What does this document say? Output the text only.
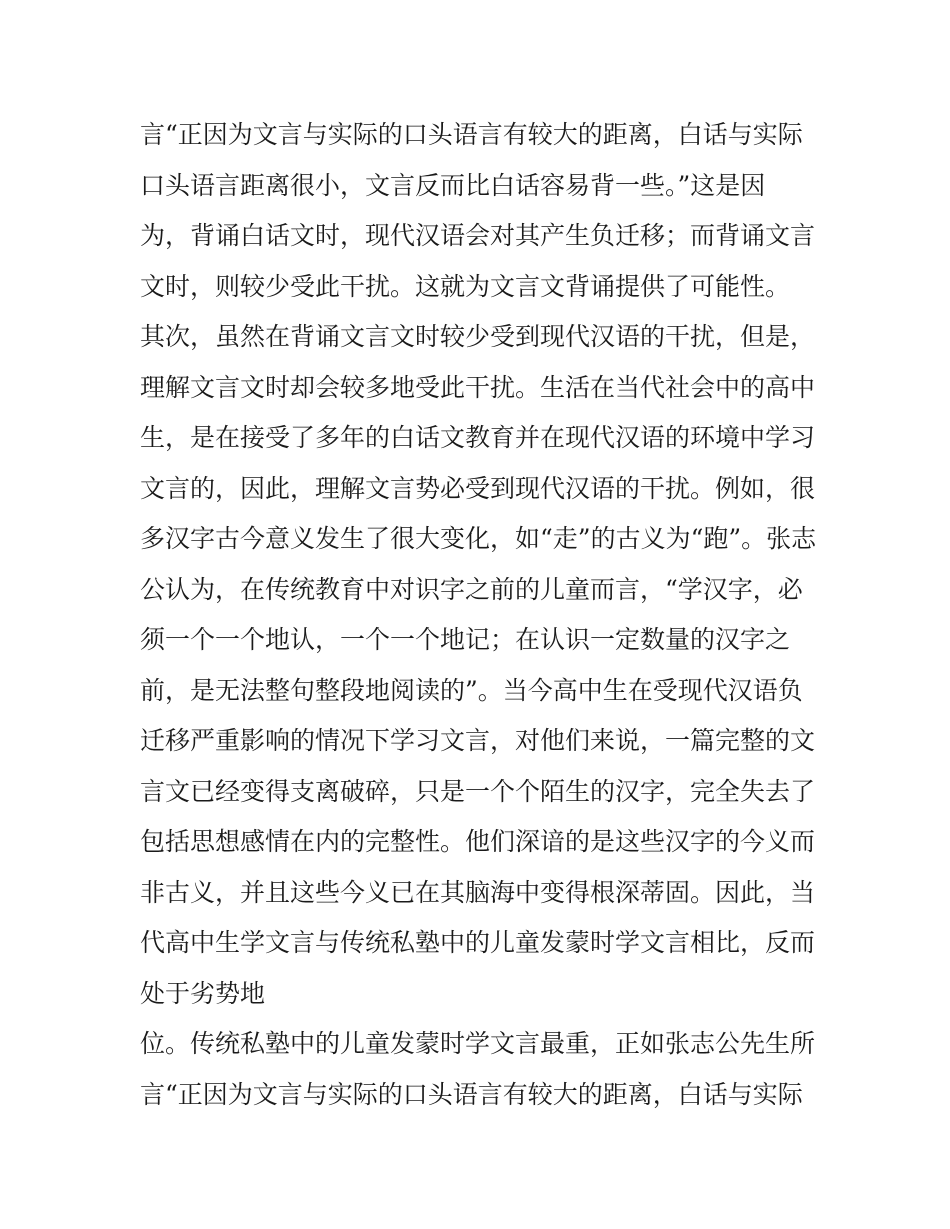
言“正因为文言与实际的口头语言有较大的距离，白话与实际
口头语言距离很小，文言反而比白话容易背一些。”这是因
为，背诵白话文时，现代汉语会对其产生负迁移；而背诵文言
文时，则较少受此干扰。这就为文言文背诵提供了可能性。
其次，虽然在背诵文言文时较少受到现代汉语的干扰，但是，
理解文言文时却会较多地受此干扰。生活在当代社会中的高中
生，是在接受了多年的白话文教育并在现代汉语的环境中学习
文言的，因此，理解文言势必受到现代汉语的干扰。例如，很
多汉字古今意义发生了很大变化，如“走”的古义为“跑”。张志
公认为，在传统教育中对识字之前的儿童而言，“学汉字，必
须一个一个地认，一个一个地记；在认识一定数量的汉字之
前，是无法整句整段地阅读的”。当今高中生在受现代汉语负
迁移严重影响的情况下学习文言，对他们来说，一篇完整的文
言文已经变得支离破碎，只是一个个陌生的汉字，完全失去了
包括思想感情在内的完整性。他们深谙的是这些汉字的今义而
非古义，并且这些今义已在其脑海中变得根深蒂固。因此，当
代高中生学文言与传统私塾中的儿童发蒙时学文言相比，反而
处于劣势地
位。传统私塾中的儿童发蒙时学文言最重，正如张志公先生所
言“正因为文言与实际的口头语言有较大的距离，白话与实际
